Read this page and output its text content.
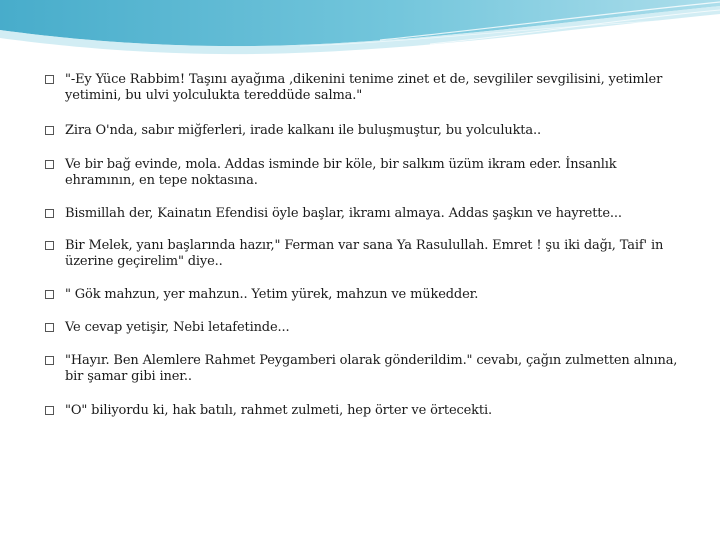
"-Ey Yüce Rabbim! Taşını ayağıma ,dikenini tenime zinet et de, sevgililer sevgilisini, yetimler yetimini, bu ulvi yolculukta tereddüde salma."
Zira O'nda, sabır miğferleri, irade kalkanı ile buluşmuştur, bu yolculukta..
Ve bir bağ evinde, mola. Addas isminde bir köle, bir salkım üzüm ikram eder. İnsanlık ehramının, en tepe noktasına.
Bismillah der, Kainatın Efendisi öyle başlar, ikramı almaya. Addas şaşkın ve hayrette...
Bir Melek, yanı başlarında hazır," Ferman var sana Ya Rasulullah. Emret ! şu iki dağı, Taif' in üzerine geçirelim" diye..
" Gök mahzun, yer mahzun.. Yetim yürek, mahzun ve mükedder.
Ve cevap yetişir, Nebi letafetinde...
"Hayır. Ben Alemlere Rahmet Peygamberi olarak gönderildim." cevabı, çağın zulmetten alnına, bir şamar gibi iner..
"O" biliyordu ki, hak batılı, rahmet zulmeti, hep örter ve örtecekti.
